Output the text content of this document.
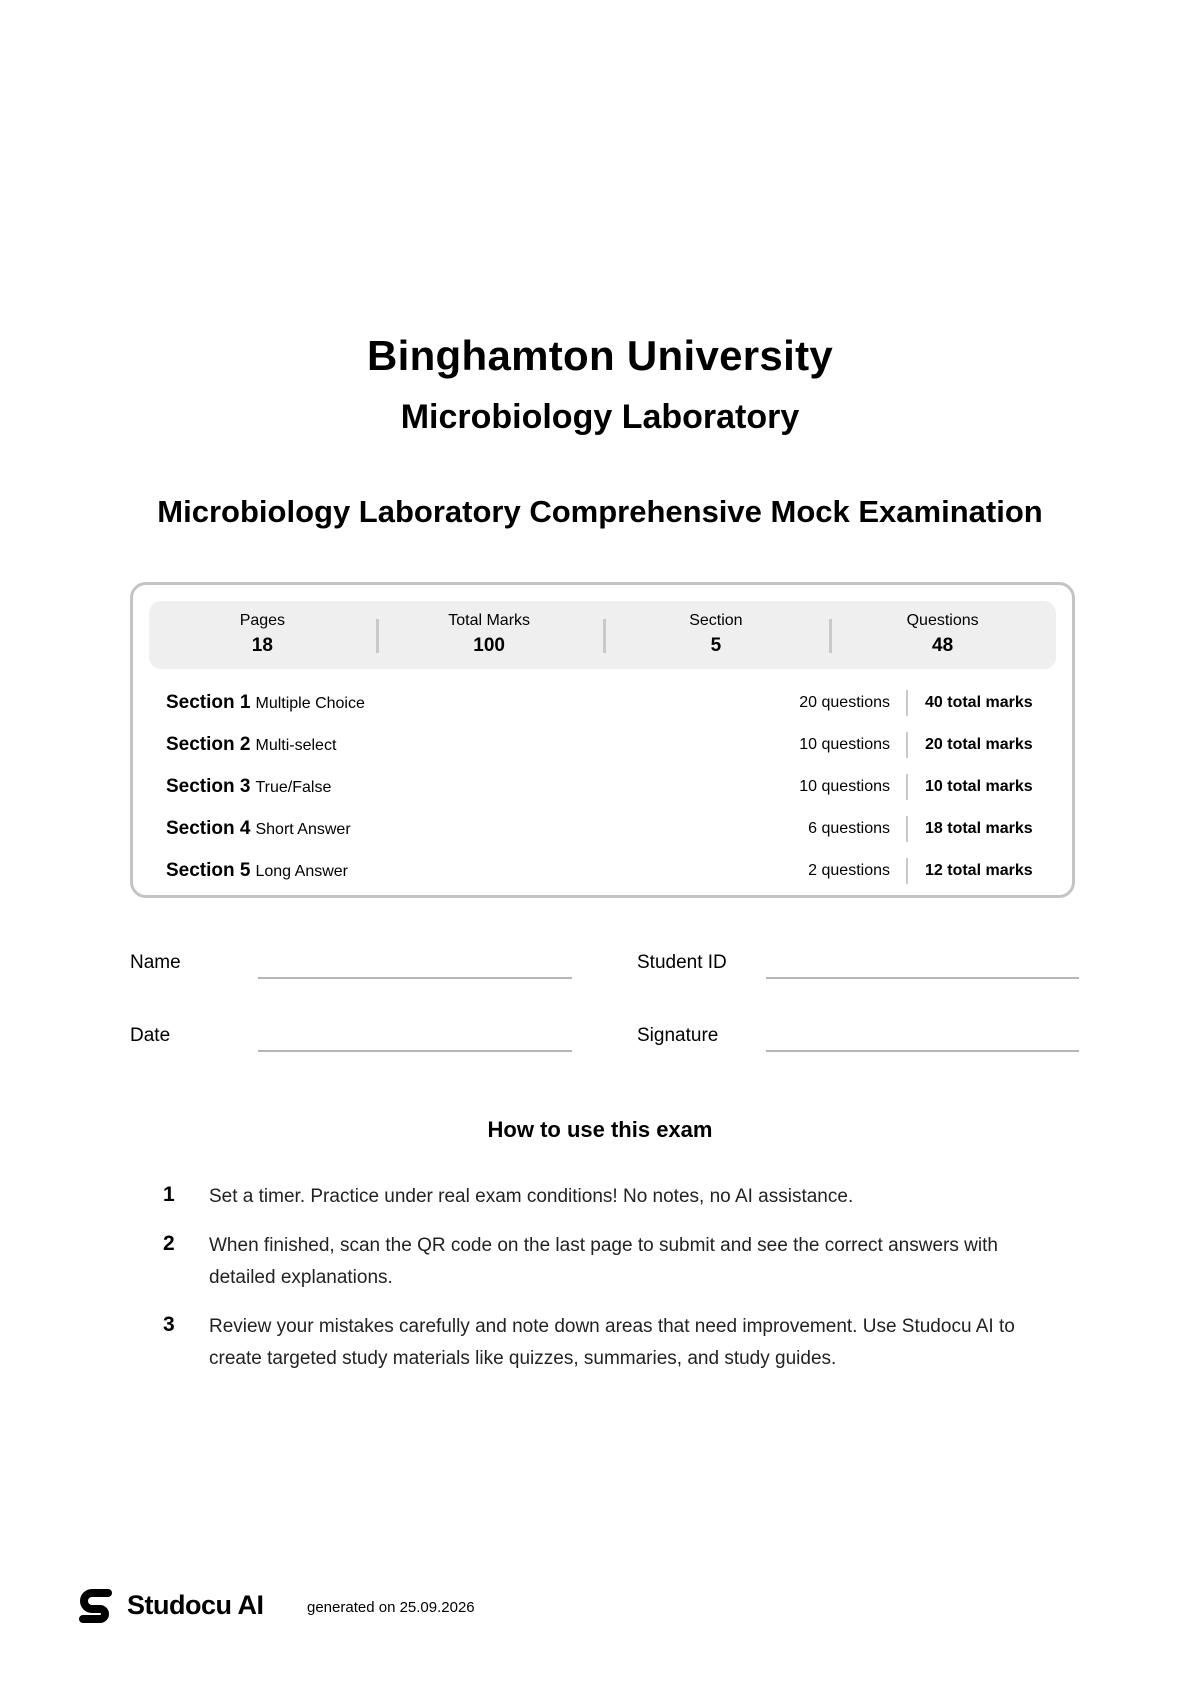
Binghamton University
Microbiology Laboratory
Microbiology Laboratory Comprehensive Mock Examination
Pages
18
Total Marks
100
Section
5
Questions
48
Section 1 Multiple Choice	20 questions 40 total marks
Section 2 Multi-select	10 questions 20 total marks
Section 3 True/False	10 questions 10 total marks
Section 4 Short Answer	6 questions 18 total marks
Section 5 Long Answer	2 questions 12 total marks
Name	Student ID
Date	Signature
How to use this exam
1 Set a timer. Practice under real exam conditions! No notes, no AI assistance.
2 When finished, scan the QR code on the last page to submit and see the correct answers with detailed explanations.
3 Review your mistakes carefully and note down areas that need improvement. Use Studocu AI to create targeted study materials like quizzes, summaries, and study guides.
Studocu AI	generated on 25.09.2026
